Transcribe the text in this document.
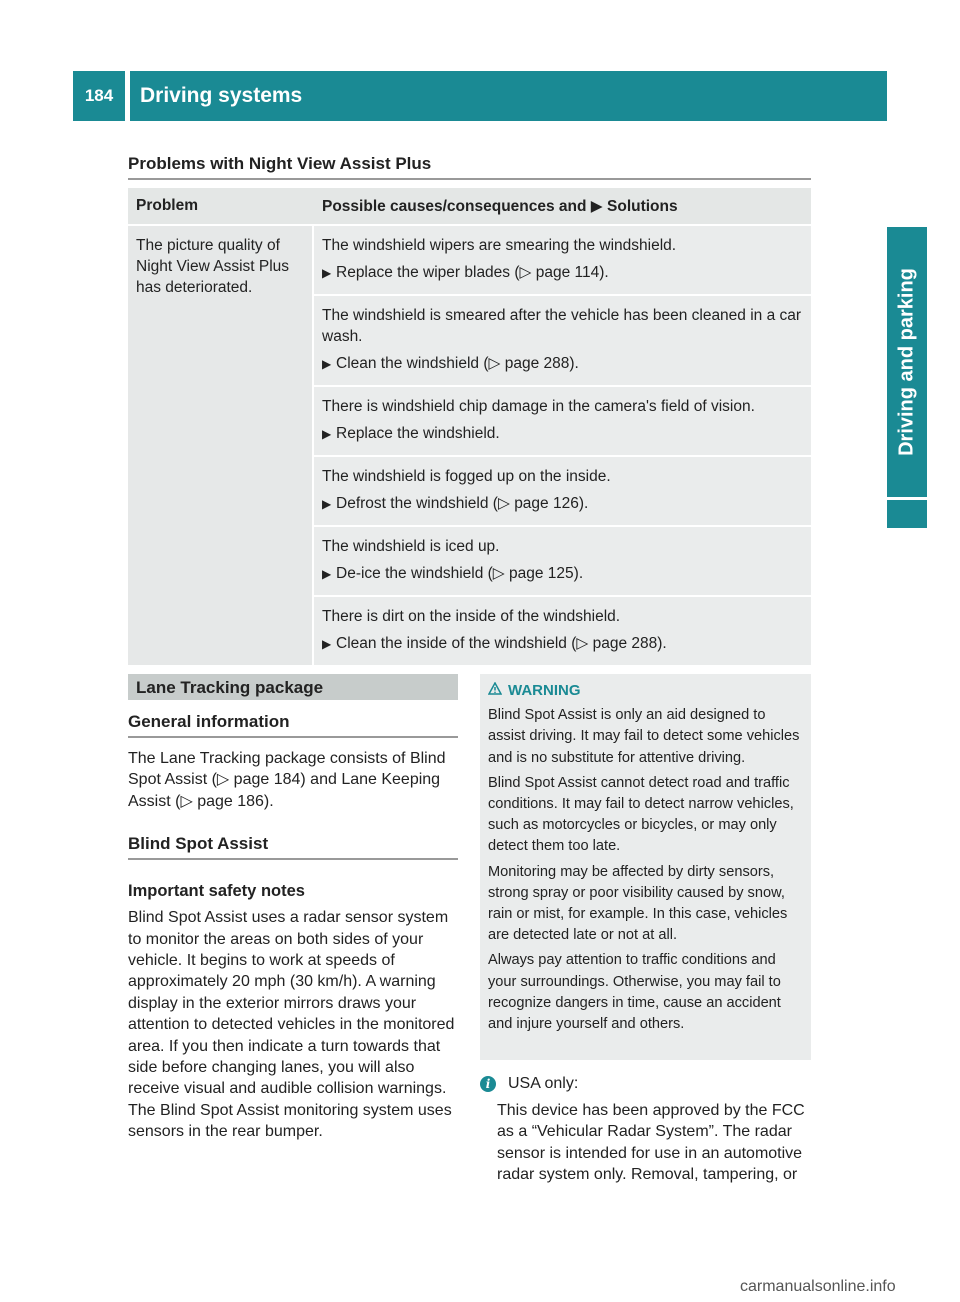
184	Driving systems
Driving and parking
Problems with Night View Assist Plus
Problem	Possible causes/consequences and ▶ Solutions
The picture quality of Night View Assist Plus has deteriorated.	The windshield wipers are smearing the windshield.
▶ Replace the wiper blades (▷ page 114).

	The windshield is smeared after the vehicle has been cleaned in a car wash.
▶ Clean the windshield (▷ page 288).

	There is windshield chip damage in the camera's field of vision.
▶ Replace the windshield.

	The windshield is fogged up on the inside.
▶ Defrost the windshield (▷ page 126).

	The windshield is iced up.
▶ De-ice the windshield (▷ page 125).

	There is dirt on the inside of the windshield.
▶ Clean the inside of the windshield (▷ page 288).
Lane Tracking package
General information
The Lane Tracking package consists of Blind Spot Assist (▷ page 184) and Lane Keeping Assist (▷ page 186).
Blind Spot Assist
Important safety notes
Blind Spot Assist uses a radar sensor system to monitor the areas on both sides of your vehicle. It begins to work at speeds of approximately 20 mph (30 km/h). A warning display in the exterior mirrors draws your attention to detected vehicles in the monitored area. If you then indicate a turn towards that side before changing lanes, you will also receive visual and audible collision warnings. The Blind Spot Assist monitoring system uses sensors in the rear bumper.
WARNING
Blind Spot Assist is only an aid designed to assist driving. It may fail to detect some vehicles and is no substitute for attentive driving.
Blind Spot Assist cannot detect road and traffic conditions. It may fail to detect narrow vehicles, such as motorcycles or bicycles, or may only detect them too late.
Monitoring may be affected by dirty sensors, strong spray or poor visibility caused by snow, rain or mist, for example. In this case, vehicles are detected late or not at all.
Always pay attention to traffic conditions and your surroundings. Otherwise, you may fail to recognize dangers in time, cause an accident and injure yourself and others.
i	USA only:
This device has been approved by the FCC as a “Vehicular Radar System”. The radar sensor is intended for use in an automotive radar system only. Removal, tampering, or
carmanualsonline.info
